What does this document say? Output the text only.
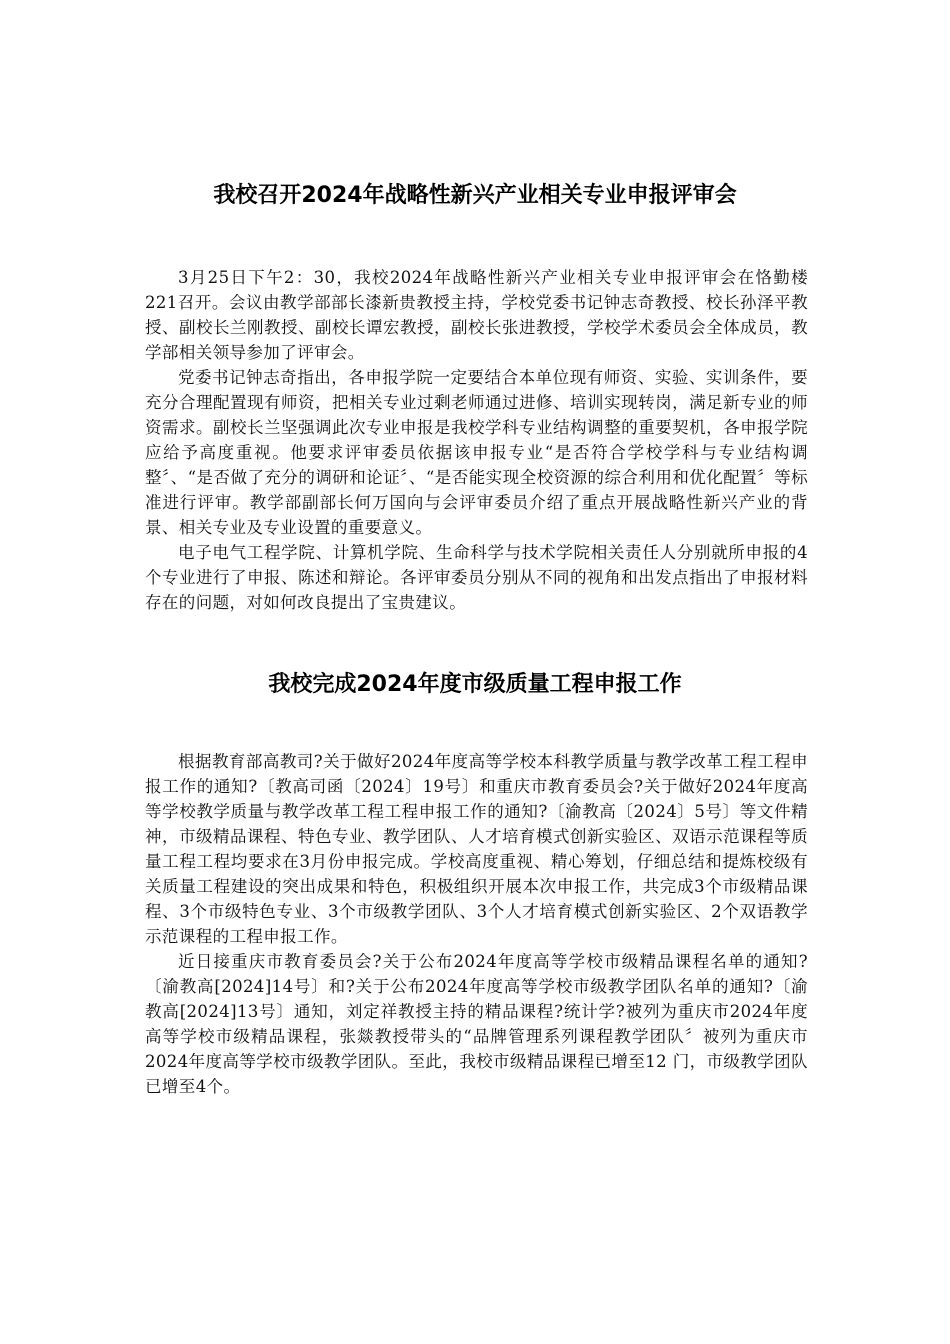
我校召开2024年战略性新兴产业相关专业申报评审会

3月25日下午2：30，我校2024年战略性新兴产业相关专业申报评审会在恪勤楼221召开。会议由教学部部长漆新贵教授主持，学校党委书记钟志奇教授、校长孙泽平教授、副校长兰刚教授、副校长谭宏教授，副校长张进教授，学校学术委员会全体成员，教学部相关领导参加了评审会。

党委书记钟志奇指出，各申报学院一定要结合本单位现有师资、实验、实训条件，要充分合理配置现有师资，把相关专业过剩老师通过进修、培训实现转岗，满足新专业的师资需求。副校长兰坚强调此次专业申报是我校学科专业结构调整的重要契机，各申报学院应给予高度重视。他要求评审委员依据该申报专业“是否符合学校学科与专业结构调整〞、“是否做了充分的调研和论证〞、“是否能实现全校资源的综合利用和优化配置〞等标准进行评审。教学部副部长何万国向与会评审委员介绍了重点开展战略性新兴产业的背景、相关专业及专业设置的重要意义。

电子电气工程学院、计算机学院、生命科学与技术学院相关责任人分别就所申报的4个专业进行了申报、陈述和辩论。各评审委员分别从不同的视角和出发点指出了申报材料存在的问题，对如何改良提出了宝贵建议。

我校完成2024年度市级质量工程申报工作

根据教育部高教司?关于做好2024年度高等学校本科教学质量与教学改革工程工程申报工作的通知?〔教高司函〔2024〕19号〕和重庆市教育委员会?关于做好2024年度高等学校教学质量与教学改革工程工程申报工作的通知?〔渝教高〔2024〕5号〕等文件精神，市级精品课程、特色专业、教学团队、人才培育模式创新实验区、双语示范课程等质量工程工程均要求在3月份申报完成。学校高度重视、精心筹划，仔细总结和提炼校级有关质量工程建设的突出成果和特色，积极组织开展本次申报工作，共完成3个市级精品课程、3个市级特色专业、3个市级教学团队、3个人才培育模式创新实验区、2个双语教学示范课程的工程申报工作。

近日接重庆市教育委员会?关于公布2024年度高等学校市级精品课程名单的通知?〔渝教高[2024]14号〕和?关于公布2024年度高等学校市级教学团队名单的通知?〔渝教高[2024]13号〕通知，刘定祥教授主持的精品课程?统计学?被列为重庆市2024年度高等学校市级精品课程，张燚教授带头的“品牌管理系列课程教学团队〞被列为重庆市2024年度高等学校市级教学团队。至此，我校市级精品课程已增至12 门，市级教学团队已增至4个。
